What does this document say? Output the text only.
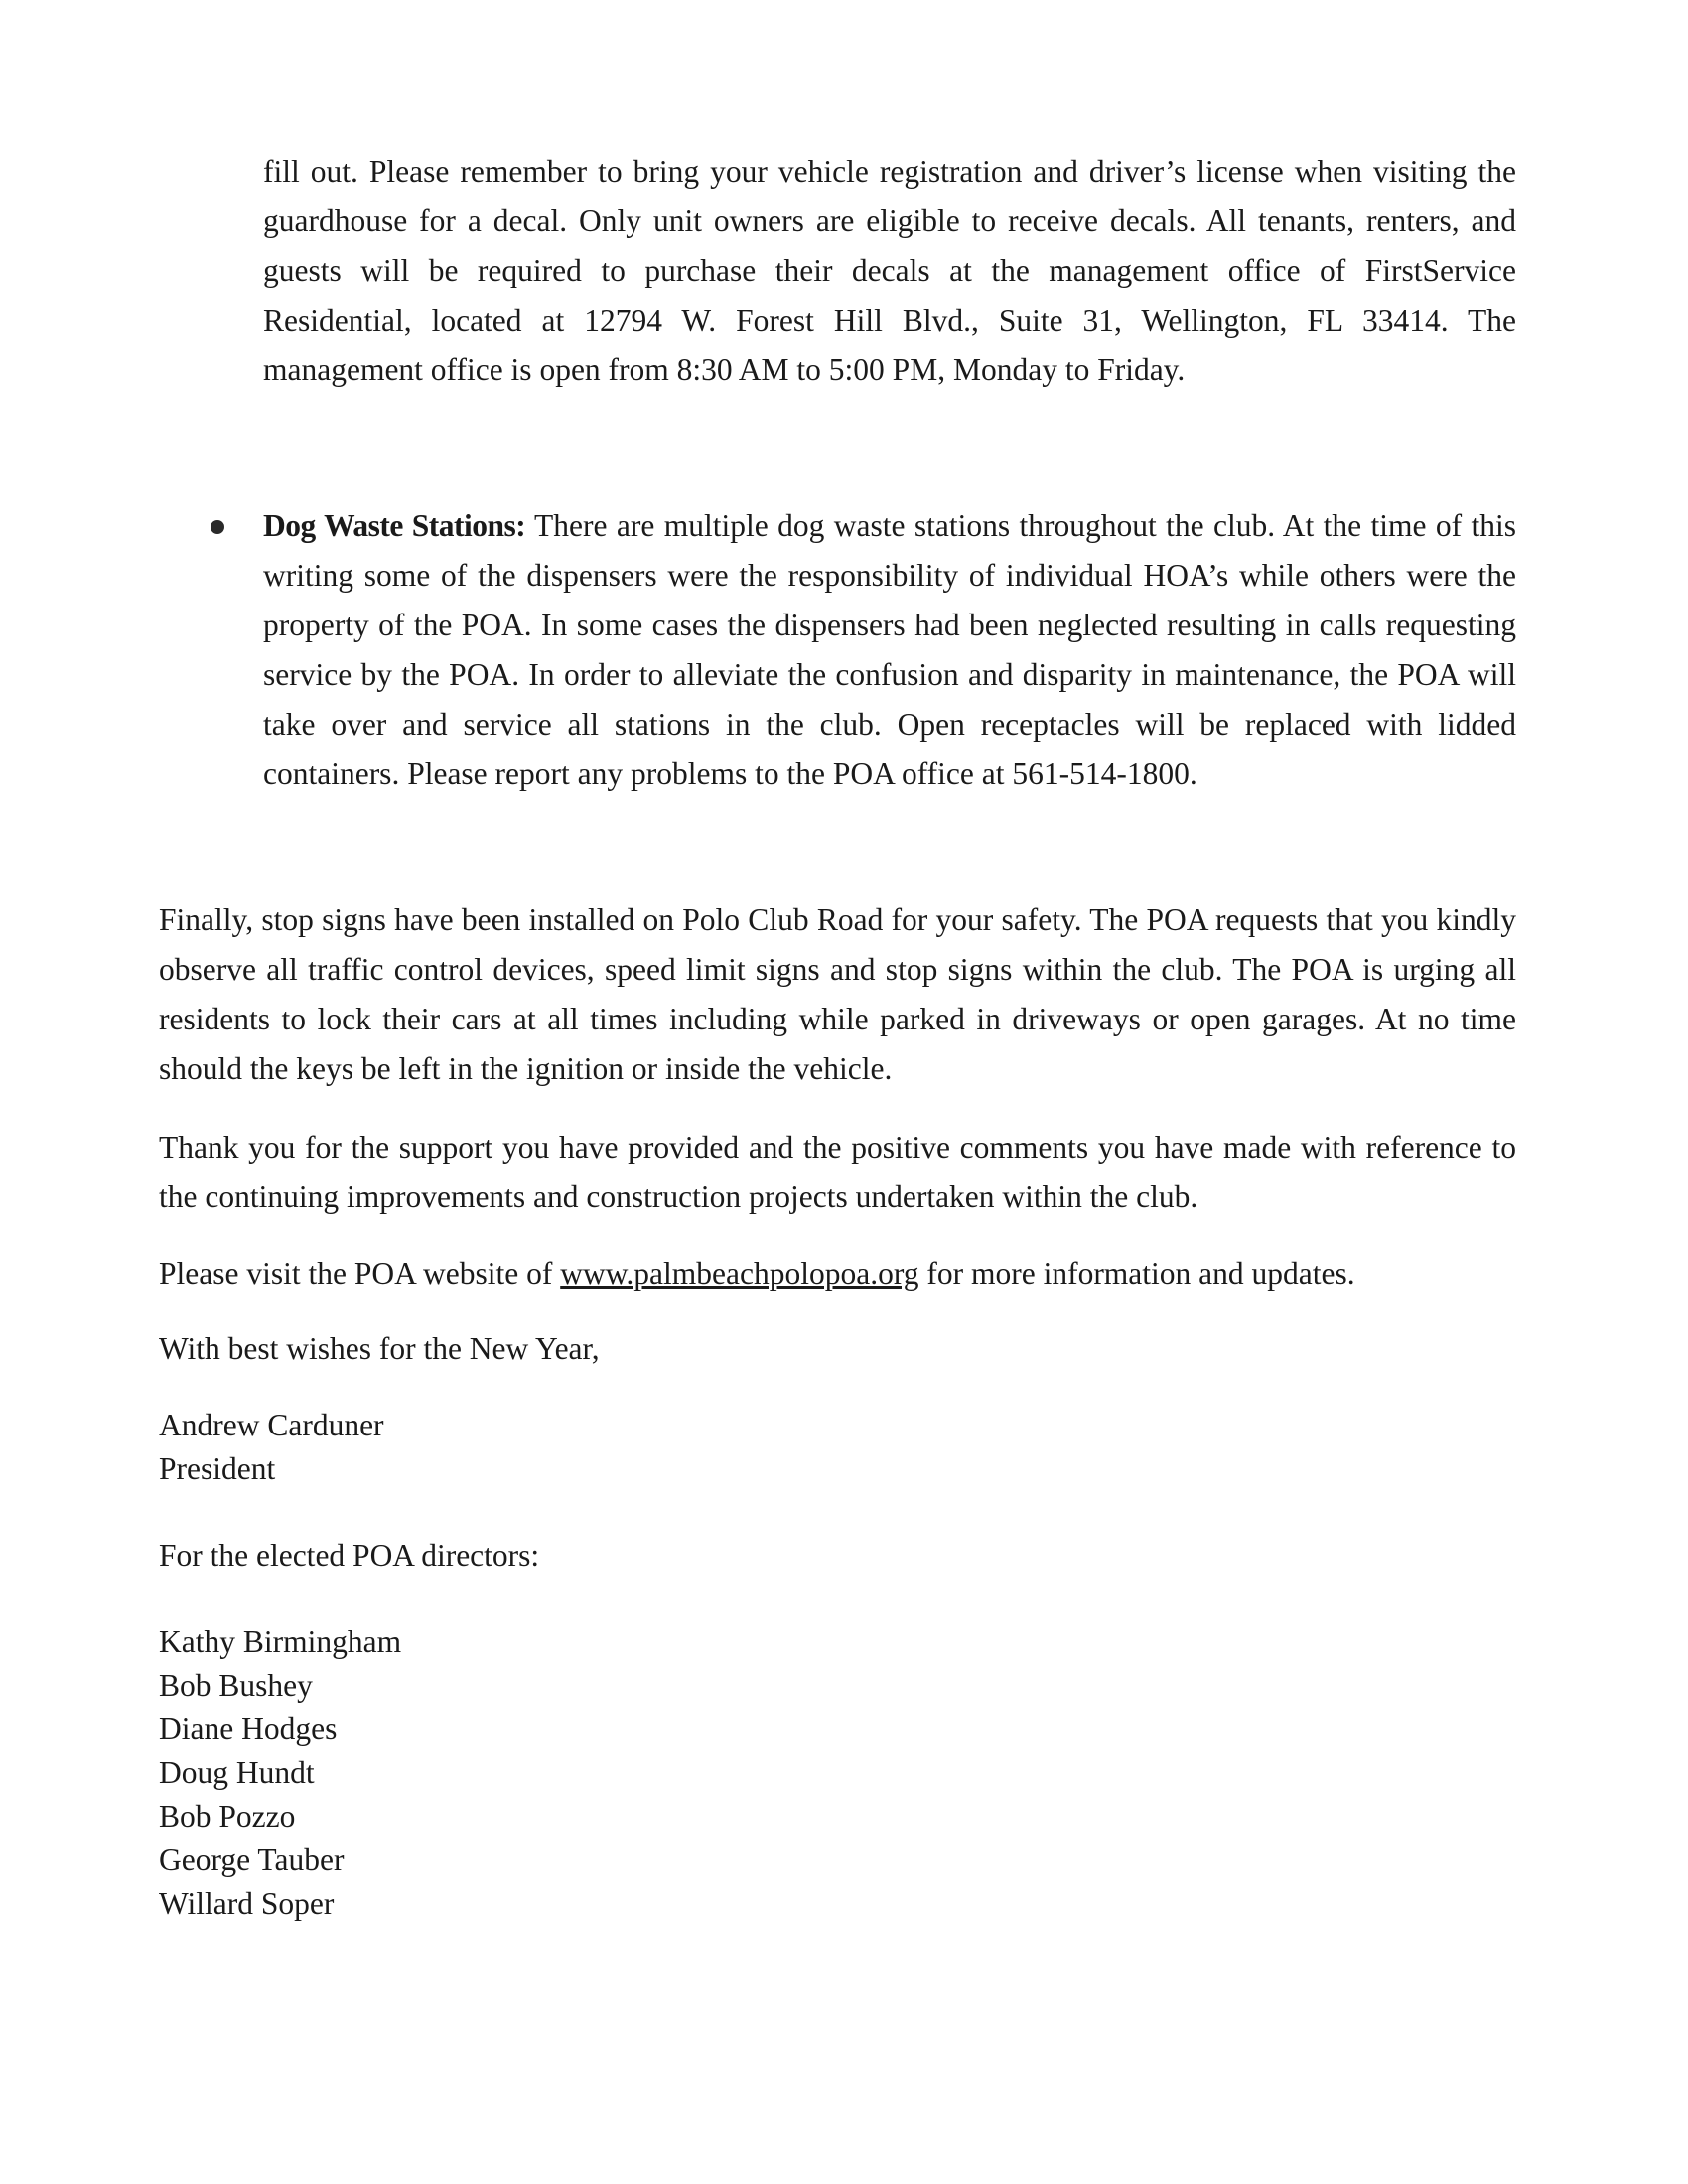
fill out. Please remember to bring your vehicle registration and driver’s license when visiting the guardhouse for a decal. Only unit owners are eligible to receive decals. All tenants, renters, and guests will be required to purchase their decals at the management office of FirstService Residential, located at 12794 W. Forest Hill Blvd., Suite 31, Wellington, FL 33414. The management office is open from 8:30 AM to 5:00 PM, Monday to Friday.

Dog Waste Stations: There are multiple dog waste stations throughout the club. At the time of this writing some of the dispensers were the responsibility of individual HOA’s while others were the property of the POA. In some cases the dispensers had been neglected resulting in calls requesting service by the POA. In order to alleviate the confusion and disparity in maintenance, the POA will take over and service all stations in the club. Open receptacles will be replaced with lidded containers. Please report any problems to the POA office at 561-514-1800.

Finally, stop signs have been installed on Polo Club Road for your safety. The POA requests that you kindly observe all traffic control devices, speed limit signs and stop signs within the club. The POA is urging all residents to lock their cars at all times including while parked in driveways or open garages. At no time should the keys be left in the ignition or inside the vehicle.

Thank you for the support you have provided and the positive comments you have made with reference to the continuing improvements and construction projects undertaken within the club.

Please visit the POA website of www.palmbeachpolopoa.org for more information and updates.

With best wishes for the New Year,

Andrew Carduner

President

For the elected POA directors:

Kathy Birmingham

Bob Bushey

Diane Hodges

Doug Hundt

Bob Pozzo

George Tauber

Willard Soper
